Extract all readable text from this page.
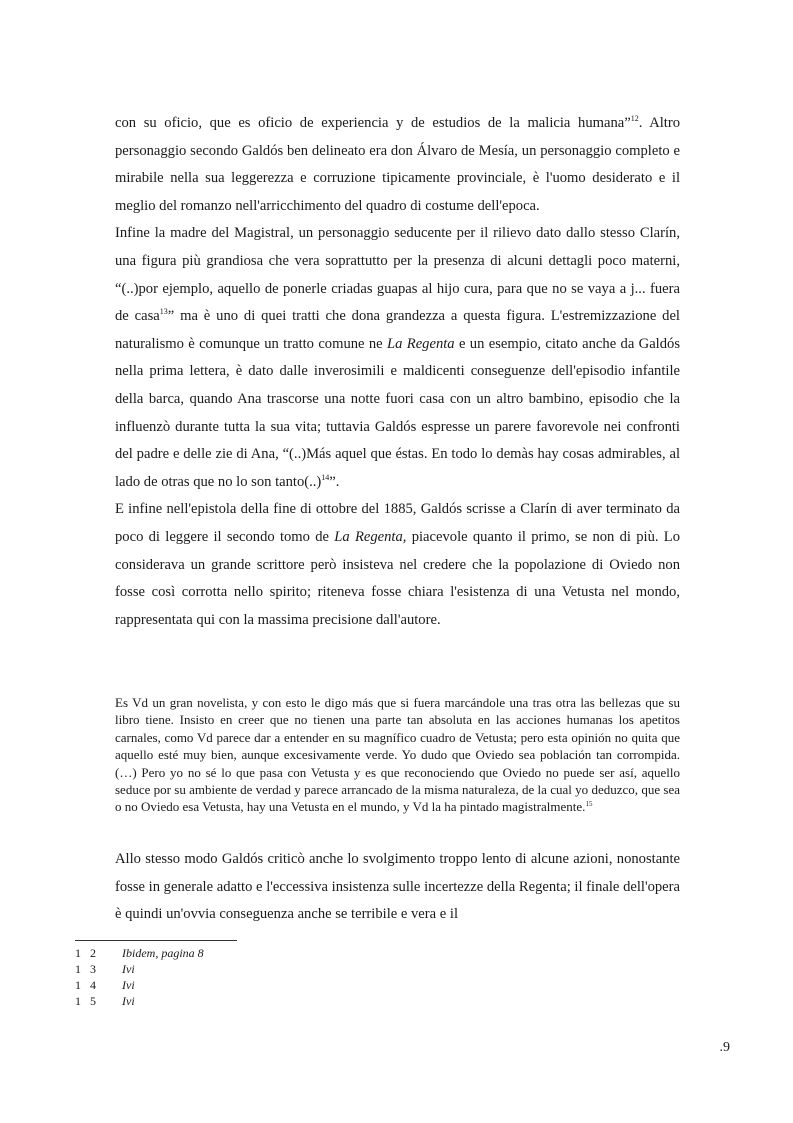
con su oficio, que es oficio de experiencia y de estudios de la malicia humana”$^{12}$. Altro personaggio secondo Galdós ben delineato era don Álvaro de Mesía, un personaggio completo e mirabile nella sua leggerezza e corruzione tipicamente provinciale, è l'uomo desiderato e il meglio del romanzo nell'arricchimento del quadro di costume dell'epoca.

Infine la madre del Magistral, un personaggio seducente per il rilievo dato dallo stesso Clarín, una figura più grandiosa che vera soprattutto per la presenza di alcuni dettagli poco materni, “(..)por ejemplo, aquello de ponerle criadas guapas al hijo cura, para que no se vaya a j... fuera de casa$^{13}$” ma è uno di quei tratti che dona grandezza a questa figura. L'estremizzazione del naturalismo è comunque un tratto comune ne La Regenta e un esempio, citato anche da Galdós nella prima lettera, è dato dalle inverosimili e maldicenti conseguenze dell'episodio infantile della barca, quando Ana trascorse una notte fuori casa con un altro bambino, episodio che la influenzò durante tutta la sua vita; tuttavia Galdós espresse un parere favorevole nei confronti del padre e delle zie di Ana, “(..)Más aquel que éstas. En todo lo demàs hay cosas admirables, al lado de otras que no lo son tanto(..)$^{14}$”.

E infine nell'epistola della fine di ottobre del 1885, Galdós scrisse a Clarín di aver terminato da poco di leggere il secondo tomo de La Regenta, piacevole quanto il primo, se non di più. Lo considerava un grande scrittore però insisteva nel credere che la popolazione di Oviedo non fosse così corrotta nello spirito; riteneva fosse chiara l'esistenza di una Vetusta nel mondo, rappresentata qui con la massima precisione dall'autore.

Es Vd un gran novelista, y con esto le digo más que si fuera marcándole una tras otra las bellezas que su libro tiene. Insisto en creer que no tienen una parte tan absoluta en las acciones humanas los apetitos carnales, como Vd parece dar a entender en su magnífico cuadro de Vetusta; pero esta opinión no quita que aquello esté muy bien, aunque excesivamente verde. Yo dudo que Oviedo sea población tan corrompida. (…) Pero yo no sé lo que pasa con Vetusta y es que reconociendo que Oviedo no puede ser así, aquello seduce por su ambiente de verdad y parece arrancado de la misma naturaleza, de la cual yo deduzco, que sea o no Oviedo esa Vetusta, hay una Vetusta en el mundo, y Vd la ha pintado magistralmente.$^{15}$

Allo stesso modo Galdós criticò anche lo svolgimento troppo lento di alcune azioni, nonostante fosse in generale adatto e l'eccessiva insistenza sulle incertezze della Regenta; il finale dell'opera è quindi un'ovvia conseguenza anche se terribile e vera e il

1   2	Ibidem, pagina 8
1   3	Ivi
1   4	Ivi
1   5	Ivi
.9
